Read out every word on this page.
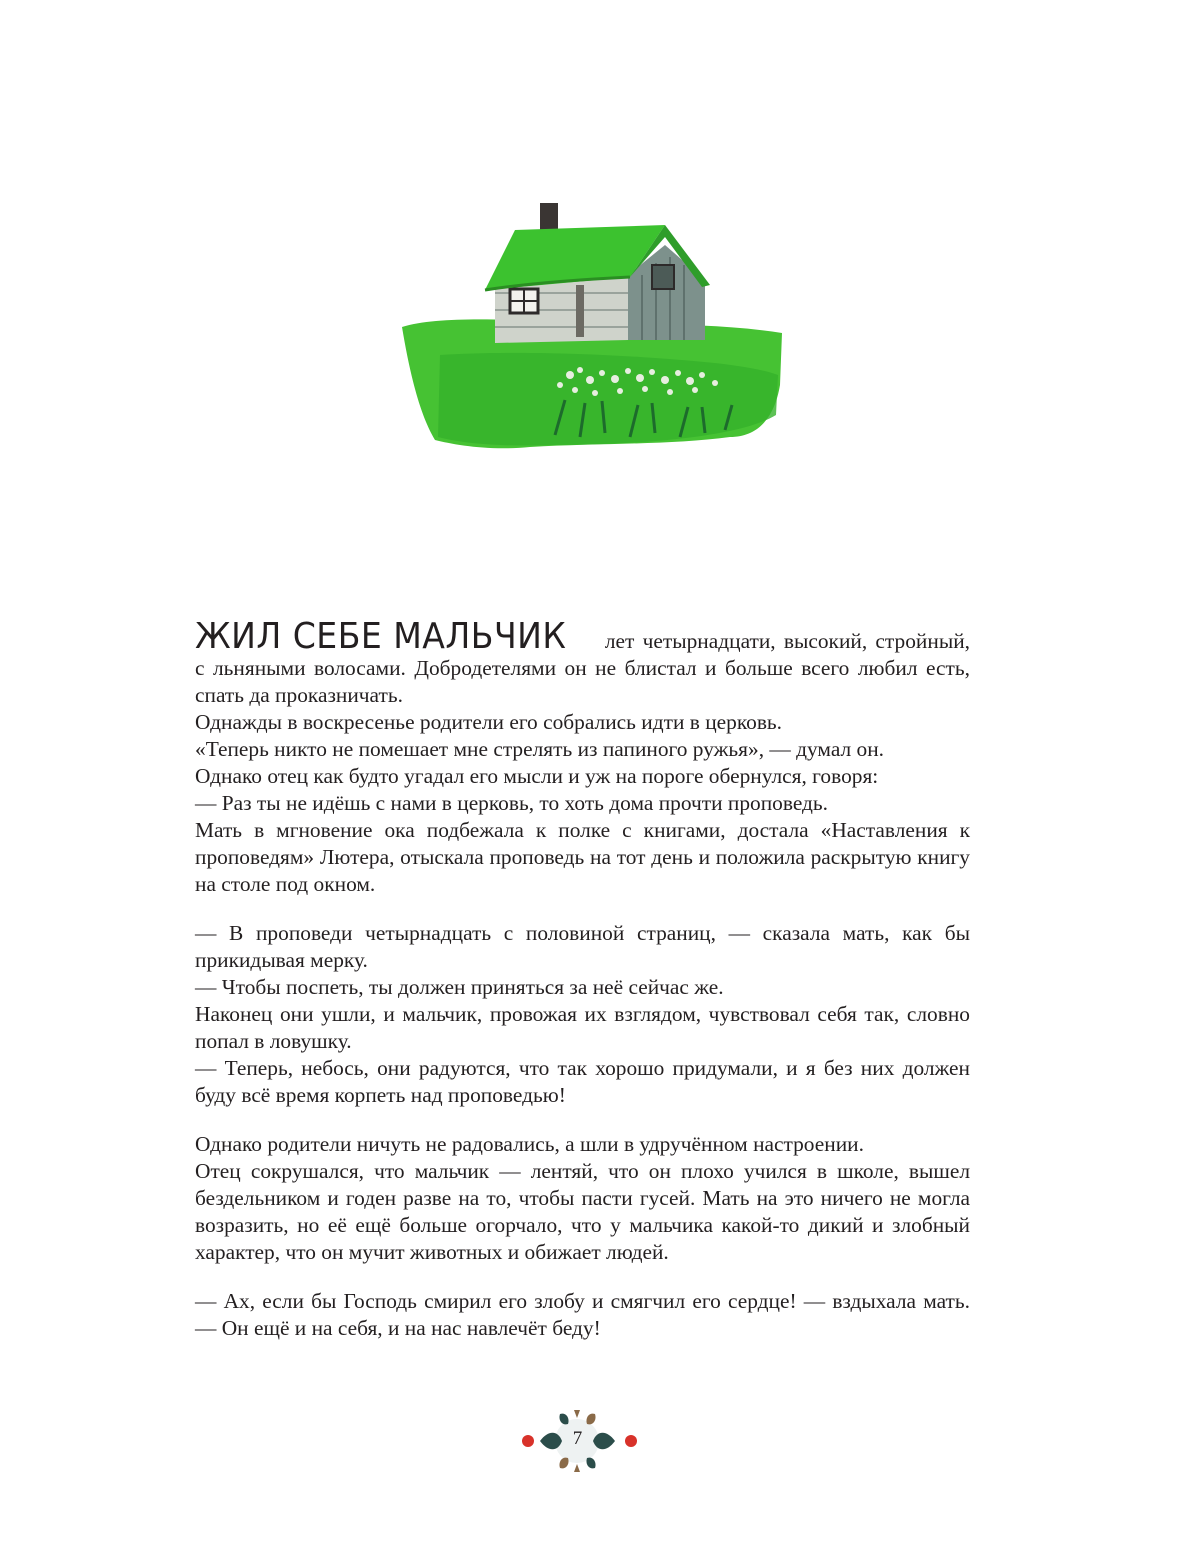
ЖИЛ СЕБЕ МАЛЬЧИК лет четырнадцати, высокий, стройный, с льняными волосами. Добродетелями он не блистал и больше всего любил есть, спать да проказничать.

Однажды в воскресенье родители его собрались идти в церковь.

«Теперь никто не помешает мне стрелять из папиного ружья», — думал он.

Однако отец как будто угадал его мысли и уж на пороге обернулся, говоря:

— Раз ты не идёшь с нами в церковь, то хоть дома прочти проповедь.

Мать в мгновение ока подбежала к полке с книгами, достала «Наставления к проповедям» Лютера, отыскала проповедь на тот день и положила раскрытую книгу на столе под окном.

— В проповеди четырнадцать с половиной страниц, — сказала мать, как бы прикидывая мерку.

— Чтобы поспеть, ты должен приняться за неё сейчас же.

Наконец они ушли, и мальчик, провожая их взглядом, чувствовал себя так, словно попал в ловушку.

— Теперь, небось, они радуются, что так хорошо придумали, и я без них должен буду всё время корпеть над проповедью!

Однако родители ничуть не радовались, а шли в удручённом настроении.

Отец сокрушался, что мальчик — лентяй, что он плохо учился в школе, вышел бездельником и годен разве на то, чтобы пасти гусей. Мать на это ничего не могла возразить, но её ещё больше огорчало, что у мальчика какой-то дикий и злобный характер, что он мучит животных и обижает людей.

— Ах, если бы Господь смирил его злобу и смягчил его сердце! — вздыхала мать. — Он ещё и на себя, и на нас навлечёт беду!

7
